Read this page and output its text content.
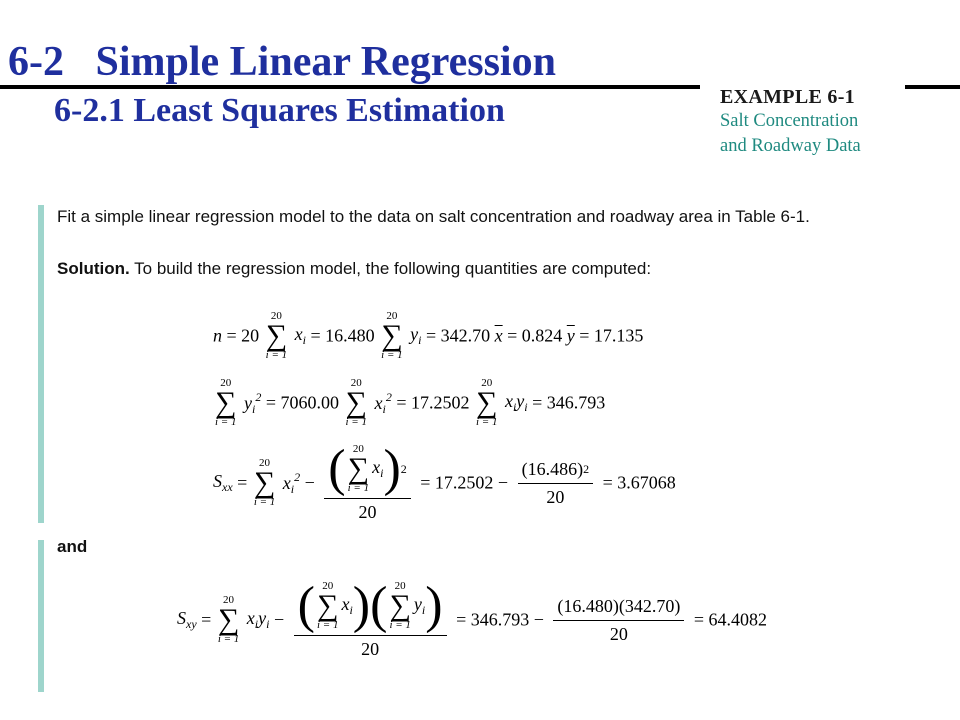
6-2   Simple Linear Regression
6-2.1 Least Squares Estimation	EXAMPLE 6-1
Salt Concentration
and Roadway Data

Fit a simple linear regression model to the data on salt concentration and roadway area in Table 6-1.

Solution. To build the regression model, the following quantities are computed:

n = 20
20
∑
i = 1
$x_i = 16.480$
20
∑
i = 1
$y_i = 342.70$ $\overline{x} = 0.824$ $\overline{y} = 17.135$
20
∑
i = 1
$y_i^2 = 7060.00$
20
∑
i = 1
$x_i^2 = 17.2502$
20
∑
i = 1
$x_iy_i = 346.793$
$S_{xx}$ =
20
∑
i = 1
$x_i^2$ − ( 20
∑
i = 1
$x_i$ ) 2
$20 = 17.2502 - \frac{(16.486) 2}{20} = 3.67068$

and

$S_{xy}$ =
20
∑
i = 1
$x_iy_i$ − ( 20
∑
i = 1
$x_i$ )( 20
∑
i = 1
$y_i$ )
20
= $346.793 - \frac{(16.480)(342.70)}{20} = 64.4082$
